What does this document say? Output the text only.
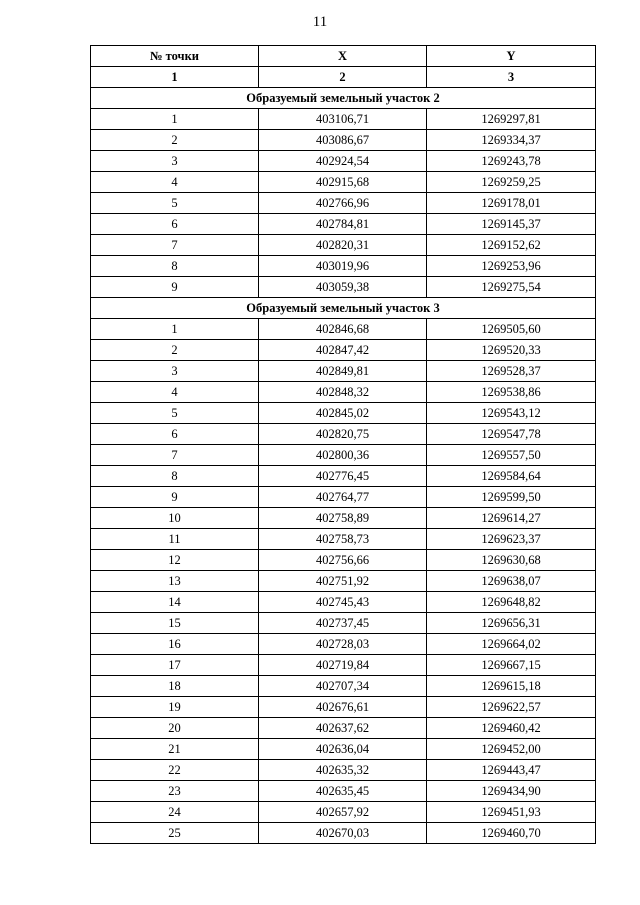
11
№ точки	X	Y
1	2	3
Образуемый земельный участок 2		
1	403106,71	1269297,81
2	403086,67	1269334,37
3	402924,54	1269243,78
4	402915,68	1269259,25
5	402766,96	1269178,01
6	402784,81	1269145,37
7	402820,31	1269152,62
8	403019,96	1269253,96
9	403059,38	1269275,54
Образуемый земельный участок 3		
1	402846,68	1269505,60
2	402847,42	1269520,33
3	402849,81	1269528,37
4	402848,32	1269538,86
5	402845,02	1269543,12
6	402820,75	1269547,78
7	402800,36	1269557,50
8	402776,45	1269584,64
9	402764,77	1269599,50
10	402758,89	1269614,27
11	402758,73	1269623,37
12	402756,66	1269630,68
13	402751,92	1269638,07
14	402745,43	1269648,82
15	402737,45	1269656,31
16	402728,03	1269664,02
17	402719,84	1269667,15
18	402707,34	1269615,18
19	402676,61	1269622,57
20	402637,62	1269460,42
21	402636,04	1269452,00
22	402635,32	1269443,47
23	402635,45	1269434,90
24	402657,92	1269451,93
25	402670,03	1269460,70
